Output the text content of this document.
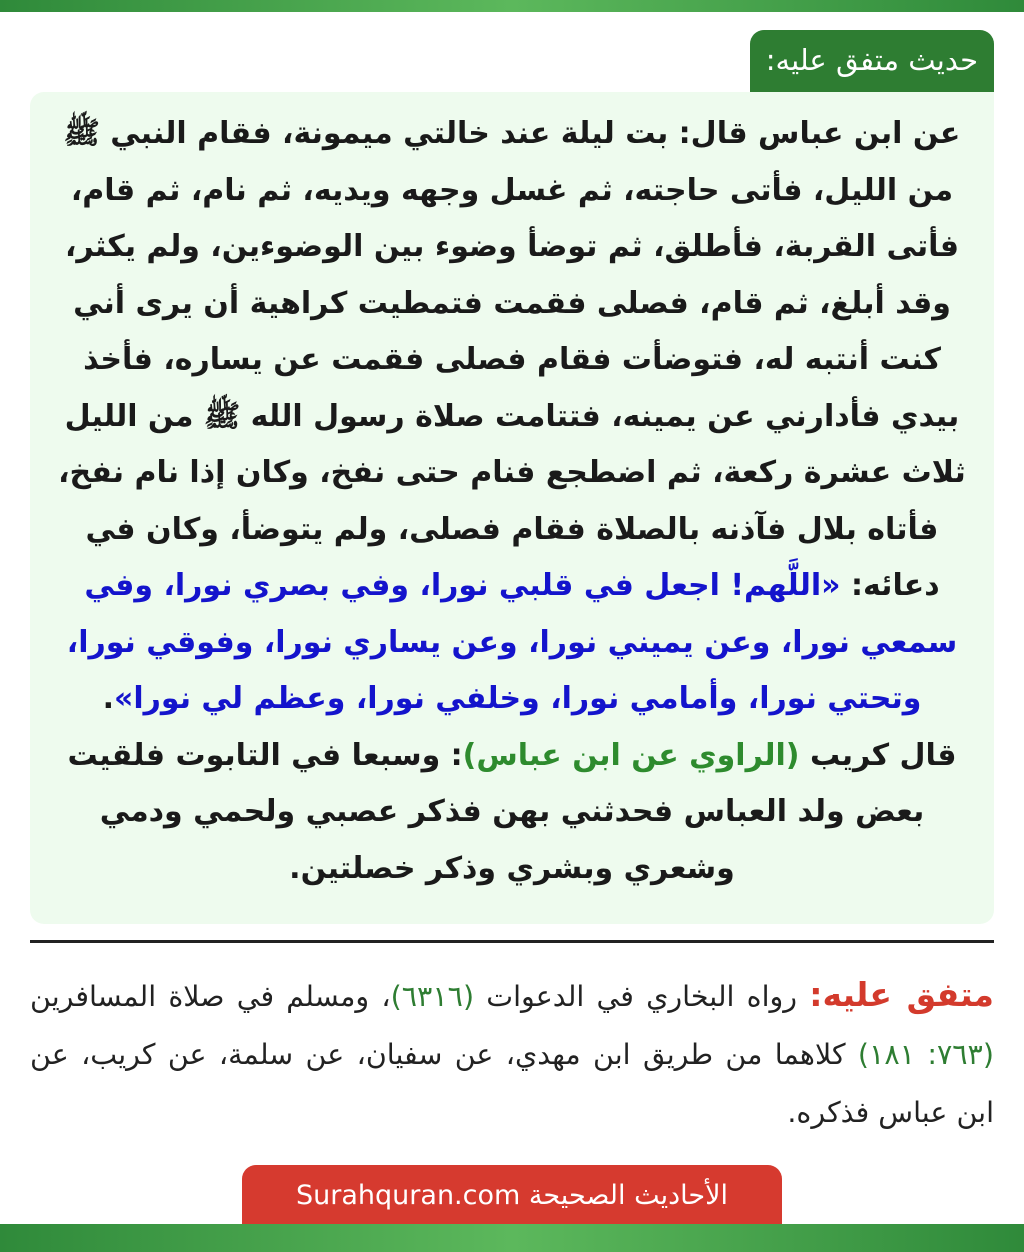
حديث متفق عليه:

عن ابن عباس قال: بت ليلة عند خالتي ميمونة، فقام النبي ﷺ من الليل، فأتى حاجته، ثم غسل وجهه ويديه، ثم نام، ثم قام، فأتى القربة، فأطلق، ثم توضأ وضوء بين الوضوءين، ولم يكثر، وقد أبلغ، ثم قام، فصلى فقمت فتمطيت كراهية أن يرى أني كنت أنتبه له، فتوضأت فقام فصلى فقمت عن يساره، فأخذ بيدي فأدارني عن يمينه، فتتامت صلاة رسول الله ﷺ من الليل ثلاث عشرة ركعة، ثم اضطجع فنام حتى نفخ، وكان إذا نام نفخ، فأتاه بلال فآذنه بالصلاة فقام فصلى، ولم يتوضأ، وكان في دعائه: «اللَّهم! اجعل في قلبي نورا، وفي بصري نورا، وفي سمعي نورا، وعن يميني نورا، وعن يساري نورا، وفوقي نورا، وتحتي نورا، وأمامي نورا، وخلفي نورا، وعظم لي نورا».
قال كريب (الراوي عن ابن عباس): وسبعا في التابوت فلقيت بعض ولد العباس فحدثني بهن فذكر عصبي ولحمي ودمي وشعري وبشري وذكر خصلتين.

متفق عليه: رواه البخاري في الدعوات (٦٣١٦)، ومسلم في صلاة المسافرين (٧٦٣: ١٨١) كلاهما من طريق ابن مهدي، عن سفيان، عن سلمة، عن كريب، عن ابن عباس فذكره.

الأحاديث الصحيحة Surahquran.com
